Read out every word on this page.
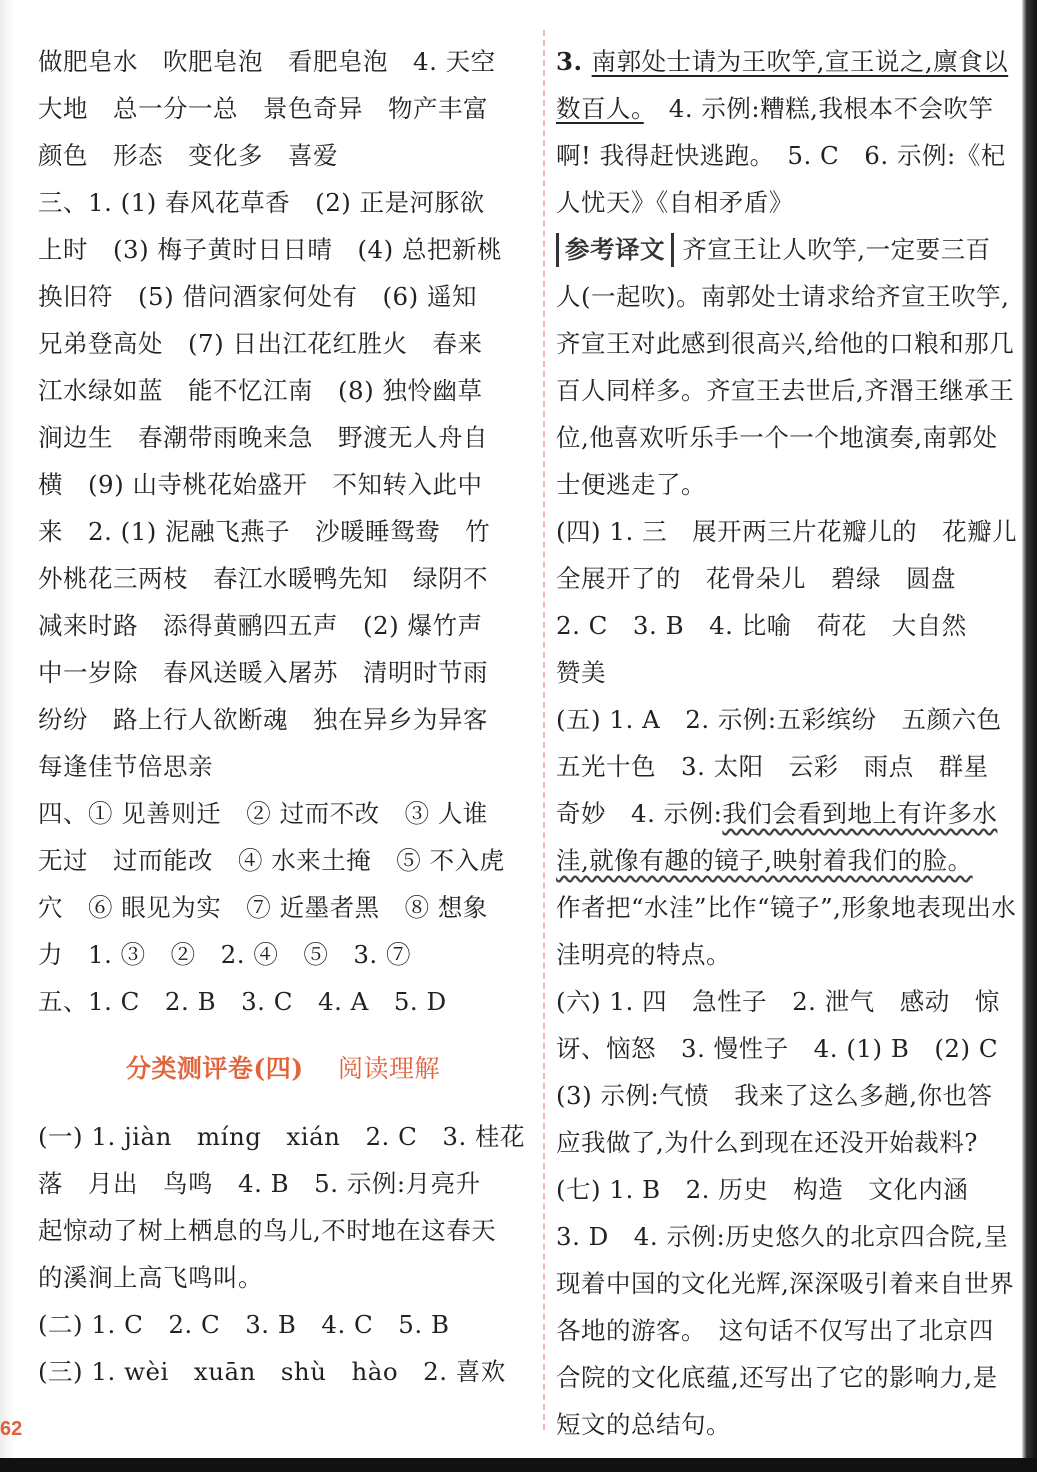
做肥皂水　吹肥皂泡　看肥皂泡　4. 天空
大地　总一分一总　景色奇异　物产丰富
颜色　形态　变化多　喜爱
三、1. (1) 春风花草香　(2) 正是河豚欲
上时　(3) 梅子黄时日日晴　(4) 总把新桃
换旧符　(5) 借问酒家何处有　(6) 遥知
兄弟登高处　(7) 日出江花红胜火　春来
江水绿如蓝　能不忆江南　(8) 独怜幽草
涧边生　春潮带雨晚来急　野渡无人舟自
横　(9) 山寺桃花始盛开　不知转入此中
来　2. (1) 泥融飞燕子　沙暖睡鸳鸯　竹
外桃花三两枝　春江水暖鸭先知　绿阴不
减来时路　添得黄鹂四五声　(2) 爆竹声
中一岁除　春风送暖入屠苏　清明时节雨
纷纷　路上行人欲断魂　独在异乡为异客
每逢佳节倍思亲
四、① 见善则迁　② 过而不改　③ 人谁
无过　过而能改　④ 水来土掩　⑤ 不入虎
穴　⑥ 眼见为实　⑦ 近墨者黑　⑧ 想象
力　1. ③　②　2. ④　⑤　3. ⑦
五、1. C　2. B　3. C　4. A　5. D
分类测评卷(四) 阅读理解
(一) 1. jiàn　míng　xián　2. C　3. 桂花
落　月出　鸟鸣　4. B　5. 示例:月亮升
起惊动了树上栖息的鸟儿,不时地在这春天
的溪涧上高飞鸣叫。
(二) 1. C　2. C　3. B　4. C　5. B
(三) 1. wèi　xuān　shù　hào　2. 喜欢
3. 南郭处士请为王吹竽,宣王说之,廪食以
数百人。　4. 示例:糟糕,我根本不会吹竽
啊! 我得赶快逃跑。　5. C　6. 示例:《杞
人忧天》《自相矛盾》
参考译文 齐宣王让人吹竽,一定要三百
人(一起吹)。南郭处士请求给齐宣王吹竽,
齐宣王对此感到很高兴,给他的口粮和那几
百人同样多。齐宣王去世后,齐湣王继承王
位,他喜欢听乐手一个一个地演奏,南郭处
士便逃走了。
(四) 1. 三　展开两三片花瓣儿的　花瓣儿
全展开了的　花骨朵儿　碧绿　圆盘
2. C　3. B　4. 比喻　荷花　大自然
赞美
(五) 1. A　2. 示例:五彩缤纷　五颜六色
五光十色　3. 太阳　云彩　雨点　群星
奇妙　4. 示例:我们会看到地上有许多水
洼,就像有趣的镜子,映射着我们的脸。
作者把“水洼”比作“镜子”,形象地表现出水
洼明亮的特点。
(六) 1. 四　急性子　2. 泄气　感动　惊
讶、恼怒　3. 慢性子　4. (1) B　(2) C
(3) 示例:气愤　我来了这么多趟,你也答
应我做了,为什么到现在还没开始裁料?
(七) 1. B　2. 历史　构造　文化内涵
3. D　4. 示例:历史悠久的北京四合院,呈
现着中国的文化光辉,深深吸引着来自世界
各地的游客。　这句话不仅写出了北京四
合院的文化底蕴,还写出了它的影响力,是
短文的总结句。
62
